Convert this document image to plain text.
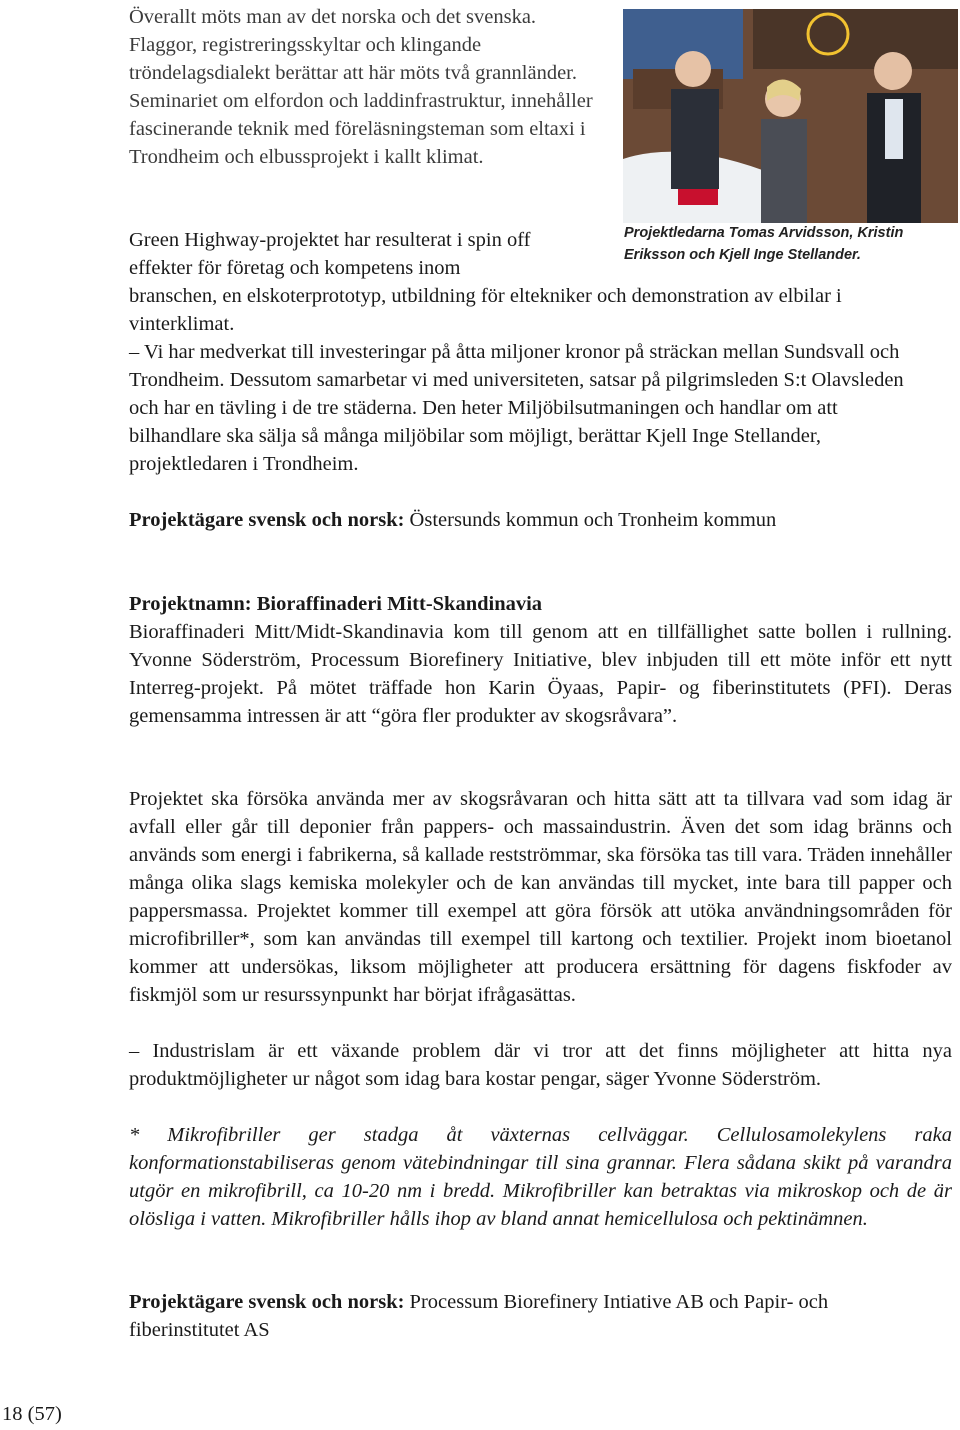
Överallt möts man av det norska och det svenska. Flaggor, registreringsskyltar och klingande tröndelagsdialekt berättar att här möts två grannländer. Seminariet om elfordon och laddinfrastruktur, innehåller fascinerande teknik med föreläsningsteman som eltaxi i Trondheim och elbussprojekt i kallt klimat.

Projektledarna Tomas Arvidsson, Kristin Eriksson och Kjell Inge Stellander.

Green Highway-projektet har resulterat i spin off
effekter för företag och kompetens inom

branschen, en elskoterprototyp, utbildning för eltekniker och demonstration av elbilar i vinterklimat.

– Vi har medverkat till investeringar på åtta miljoner kronor på sträckan mellan Sundsvall och Trondheim. Dessutom samarbetar vi med universiteten, satsar på pilgrimsleden S:t Olavsleden och har en tävling i de tre städerna. Den heter Miljöbilsutmaningen och handlar om att bilhandlare ska sälja så många miljöbilar som möjligt, berättar Kjell Inge Stellander, projektledaren i Trondheim.

Projektägare svensk och norsk: Östersunds kommun och Tronheim kommun

Projektnamn: Bioraffinaderi Mitt-Skandinavia

Bioraffinaderi Mitt/Midt-Skandinavia kom till genom att en tillfällighet satte bollen i rullning. Yvonne Söderström, Processum Biorefinery Initiative, blev inbjuden till ett möte inför ett nytt Interreg-projekt. På mötet träffade hon Karin Öyaas, Papir- og fiberinstitutets (PFI). Deras gemensamma intressen är att “göra fler produkter av skogsråvara”.

Projektet ska försöka använda mer av skogsråvaran och hitta sätt att ta tillvara vad som idag är avfall eller går till deponier från pappers- och massaindustrin. Även det som idag bränns och används som energi i fabrikerna, så kallade restströmmar, ska försöka tas till vara. Träden innehåller många olika slags kemiska molekyler och de kan användas till mycket, inte bara till papper och pappersmassa. Projektet kommer till exempel att göra försök att utöka användningsområden för microfibriller*, som kan användas till exempel till kartong och textilier. Projekt inom bioetanol kommer att undersökas, liksom möjligheter att producera ersättning för dagens fiskfoder av fiskmjöl som ur resurssynpunkt har börjat ifrågasättas.

– Industrislam är ett växande problem där vi tror att det finns möjligheter att hitta nya produktmöjligheter ur något som idag bara kostar pengar, säger Yvonne Söderström.

* Mikrofibriller ger stadga åt växternas cellväggar. Cellulosamolekylens raka konformationstabiliseras genom vätebindningar till sina grannar. Flera sådana skikt på varandra utgör en mikrofibrill, ca 10-20 nm i bredd. Mikrofibriller kan betraktas via mikroskop och de är olösliga i vatten. Mikrofibriller hålls ihop av bland annat hemicellulosa och pektinämnen.

Projektägare svensk och norsk: Processum Biorefinery Intiative AB och Papir- och fiberinstitutet AS

18 (57)
